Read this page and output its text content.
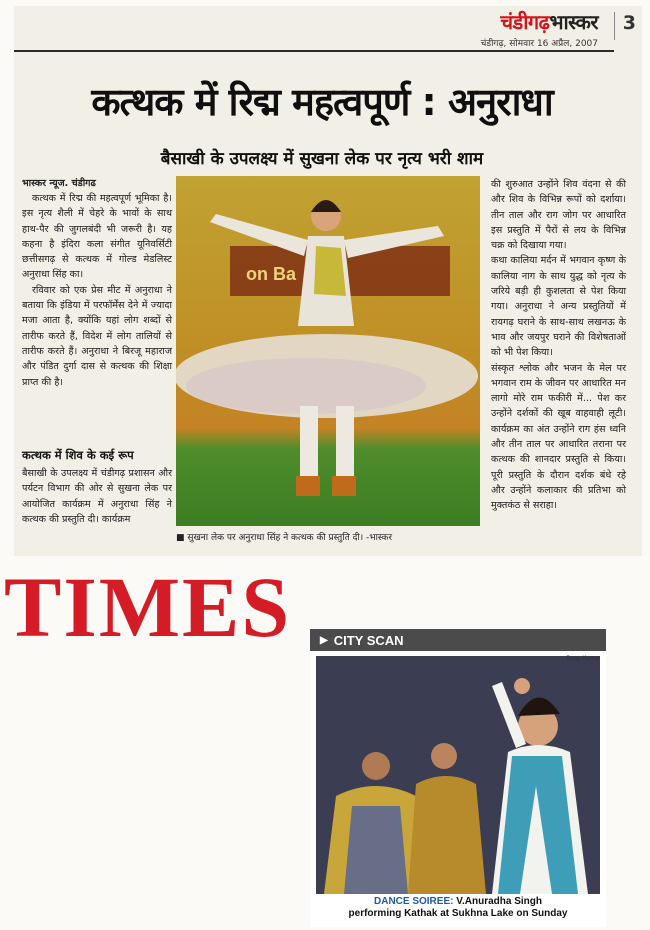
चंडीगढ़भास्कर
चंडीगढ़, सोमवार 16 अप्रैल, 2007
3
कत्थक में रिद्म महत्वपूर्ण : अनुराधा
बैसाखी के उपलक्ष्य में सुखना लेक पर नृत्य भरी शाम
भास्कर न्यूज. चंडीगढ

कत्थक में रिद्म की महत्वपूर्ण भूमिका है। इस नृत्य शैली में चेहरे के भावों के साथ हाथ-पैर की जुगलबंदी भी जरूरी है। यह कहना है इंदिरा कला संगीत यूनिवर्सिटी छत्तीसगढ़ से कत्थक में गोल्ड मेडलिस्ट अनुराधा सिंह का।

रविवार को एक प्रेस मीट में अनुराधा ने बताया कि इंडिया में परफॉर्मेंस देने में ज्यादा मजा आता है, क्योंकि यहां लोग शब्दों से तारीफ करते हैं, विदेश में लोग तालियों से तारीफ करते हैं। अनुराधा ने बिरजू महाराज और पंडित दुर्गा दास से कत्थक की शिक्षा प्राप्त की है।

कत्थक में शिव के कई रूप

बैसाखी के उपलक्ष्य में चंडीगढ़ प्रशासन और पर्यटन विभाग की ओर से सुखना लेक पर आयोजित कार्यक्रम में अनुराधा सिंह ने कत्थक की प्रस्तुति दी। कार्यक्रम

on Ba
■ सुखना लेक पर अनुराधा सिंह ने कत्थक की प्रस्तुति दी। -भास्कर

की शुरुआत उन्होंने शिव वंदना से की और शिव के विभिन्न रूपों को दर्शाया। तीन ताल और राग जोग पर आधारित इस प्रस्तुति में पैरों से लय के विभिन्न चक्र को दिखाया गया।

कथा कालिया मर्दन में भगवान कृष्ण के कालिया नाग के साथ युद्ध को नृत्य के जरिये बड़ी ही कुशलता से पेश किया गया। अनुराधा ने अन्य प्रस्तुतियों में रायगढ़ घराने के साथ-साथ लखनऊ के भाव और जयपुर घराने की विशेषताओं को भी पेश किया।

संस्कृत श्लोक और भजन के मेल पर भगवान राम के जीवन पर आधारित मन लागो मोरे राम फकीरी में... पेश कर उन्होंने दर्शकों की खूब वाहवाही लूटी। कार्यक्रम का अंत उन्होंने राग हंस ध्वनि और तीन ताल पर आधारित तराना पर कत्थक की शानदार प्रस्तुति से किया। पूरी प्रस्तुति के दौरान दर्शक बंधे रहे और उन्होंने कलाकार की प्रतिभा को मुक्तकंठ से सराहा।

TIMES	▶ CITY SCAN
Deep Kumar
DANCE SOIREE: V.Anuradha Singh
performing Kathak at Sukhna Lake on Sunday
